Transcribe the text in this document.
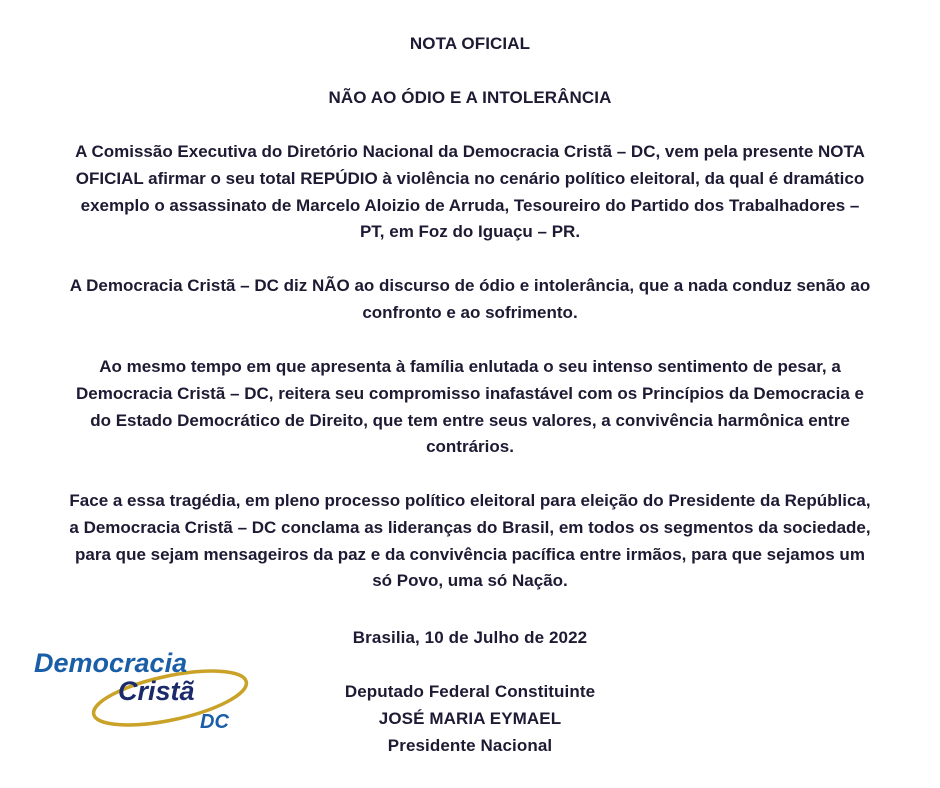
NOTA OFICIAL
NÃO AO ÓDIO E A INTOLERÂNCIA
A Comissão Executiva do Diretório Nacional da Democracia Cristã – DC, vem pela presente NOTA
OFICIAL afirmar o seu total REPÚDIO à violência no cenário político eleitoral, da qual é dramático
exemplo o assassinato de Marcelo Aloizio de Arruda, Tesoureiro do Partido dos Trabalhadores –
PT, em Foz do Iguaçu – PR.
A Democracia Cristã – DC diz NÃO ao discurso de ódio e intolerância, que a nada conduz senão ao
confronto e ao sofrimento.
Ao mesmo tempo em que apresenta à família enlutada o seu intenso sentimento de pesar, a
Democracia Cristã – DC, reitera seu compromisso inafastável com os Princípios da Democracia e
do Estado Democrático de Direito, que tem entre seus valores, a convivência harmônica entre
contrários.
Face a essa tragédia, em pleno processo político eleitoral para eleição do Presidente da República,
a Democracia Cristã – DC conclama as lideranças do Brasil, em todos os segmentos da sociedade,
para que sejam mensageiros da paz e da convivência pacífica entre irmãos, para que sejamos um
só Povo, uma só Nação.
Brasilia, 10 de Julho de 2022
Deputado Federal Constituinte
JOSÉ MARIA EYMAEL
Presidente Nacional
Democracia
Cristã
DC
